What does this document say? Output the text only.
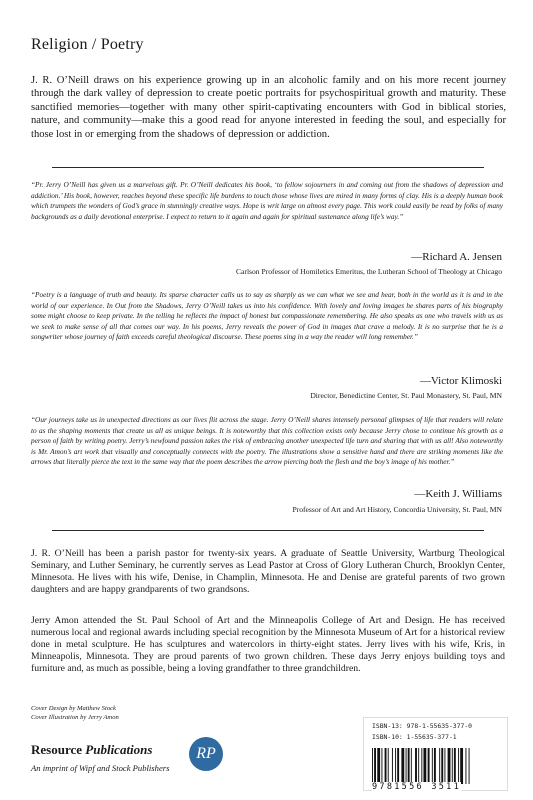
Religion / Poetry
J. R. O’Neill draws on his experience growing up in an alcoholic family and on his more recent journey through the dark valley of depression to create poetic portraits for psychospiritual growth and maturity. These sanctified memories—together with many other spirit-captivating encounters with God in biblical stories, nature, and community—make this a good read for anyone interested in feeding the soul, and especially for those lost in or emerging from the shadows of depression or addiction.
“Pr. Jerry O’Neill has given us a marvelous gift. Pr. O’Neill dedicates his book, ‘to fellow sojourners in and coming out from the shadows of depression and addiction.’ His book, however, reaches beyond these specific life burdens to touch those whose lives are mired in many forms of clay. His is a deeply human book which trumpets the wonders of God’s grace in stunningly creative ways. Hope is writ large on almost every page. This work could easily be read by folks of many backgrounds as a daily devotional enterprise. I expect to return to it again and again for spiritual sustenance along life’s way.”
—Richard A. Jensen
Carlson Professor of Homiletics Emeritus, the Lutheran School of Theology at Chicago
“Poetry is a language of truth and beauty. Its sparse character calls us to say as sharply as we can what we see and hear, both in the world as it is and in the world of our experience. In Out from the Shadows, Jerry O’Neill takes us into his confidence. With lovely and loving images he shares parts of his biography some might choose to keep private. In the telling he reflects the impact of honest but compassionate remembering. He also speaks as one who travels with us as we seek to make sense of all that comes our way. In his poems, Jerry reveals the power of God in images that crave a melody. It is no surprise that he is a songwriter whose journey of faith exceeds careful theological discourse. These poems sing in a way the reader will long remember.”
—Victor Klimoski
Director, Benedictine Center, St. Paul Monastery, St. Paul, MN
“Our journeys take us in unexpected directions as our lives flit across the stage. Jerry O’Neill shares intensely personal glimpses of life that readers will relate to as the shaping moments that create us all as unique beings. It is noteworthy that this collection exists only because Jerry chose to continue his growth as a person of faith by writing poetry. Jerry’s newfound passion takes the risk of embracing another unexpected life turn and sharing that with us all! Also noteworthy is Mr. Amon’s art work that visually and conceptually connects with the poetry. The illustrations show a sensitive hand and there are striking moments like the arrows that literally pierce the text in the same way that the poem describes the arrow piercing both the flesh and the boy’s image of his mother.”
—Keith J. Williams
Professor of Art and Art History, Concordia University, St. Paul, MN
J. R. O’Neill has been a parish pastor for twenty-six years. A graduate of Seattle University, Wartburg Theological Seminary, and Luther Seminary, he currently serves as Lead Pastor at Cross of Glory Lutheran Church, Brooklyn Center, Minnesota. He lives with his wife, Denise, in Champlin, Minnesota. He and Denise are grateful parents of two grown daughters and are happy grandparents of two grandsons.
Jerry Amon attended the St. Paul School of Art and the Minneapolis College of Art and Design. He has received numerous local and regional awards including special recognition by the Minnesota Museum of Art for a historical review done in metal sculpture. He has sculptures and watercolors in thirty-eight states. Jerry lives with his wife, Kris, in Minneapolis, Minnesota. They are proud parents of two grown children. These days Jerry enjoys building toys and furniture and, as much as possible, being a loving grandfather to three grandchildren.
Cover Design by Matthew Stock
Cover Illustration by Jerry Amon
Resource Publications
An imprint of Wipf and Stock Publishers
RP
ISBN-13: 978-1-55635-377-0
ISBN-10: 1-55635-377-1
9781556 3511
